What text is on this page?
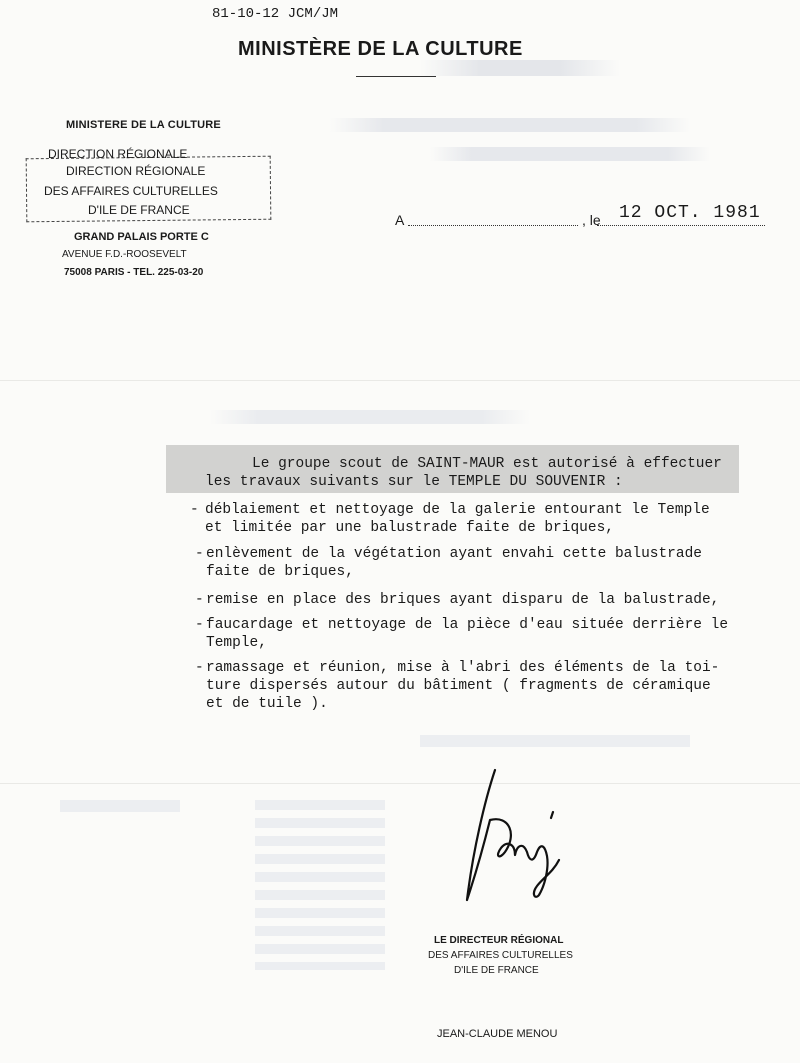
81-10-12 JCM/JM
MINISTÈRE DE LA CULTURE
MINISTERE DE LA CULTURE
DIRECTION RÉGIONALE
DIRECTION RÉGIONALE
DES AFFAIRES CULTURELLES
D'ILE DE FRANCE
GRAND PALAIS PORTE C
AVENUE F.D.-ROOSEVELT
75008 PARIS - TEL. 225-03-20
A	, le 12 OCT. 1981
Le groupe scout de SAINT-MAUR est autorisé à effectuer
les travaux suivants sur le TEMPLE DU SOUVENIR :
- déblaiement et nettoyage de la galerie entourant le Temple
et limitée par une balustrade faite de briques,
- enlèvement de la végétation ayant envahi cette balustrade
faite de briques,
- remise en place des briques ayant disparu de la balustrade,
- faucardage et nettoyage de la pièce d'eau située derrière le
Temple,
- ramassage et réunion, mise à l'abri des éléments de la toi-
ture dispersés autour du bâtiment ( fragments de céramique
et de tuile ).
LE DIRECTEUR RÉGIONAL
DES AFFAIRES CULTURELLES
D'ILE DE FRANCE
JEAN-CLAUDE MENOU
